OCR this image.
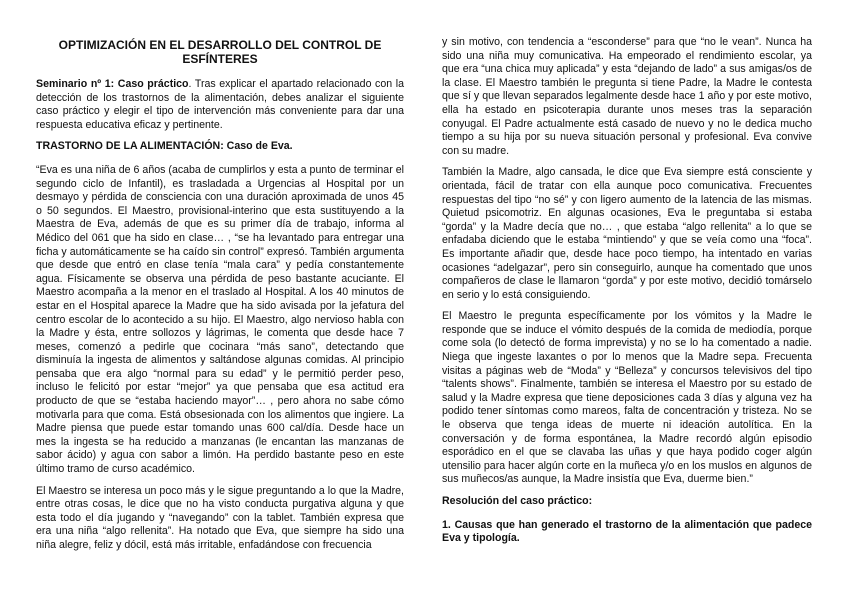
OPTIMIZACIÓN EN EL DESARROLLO DEL CONTROL DE ESFÍNTERES

Seminario nº 1: Caso práctico. Tras explicar el apartado relacionado con la detección de los trastornos de la alimentación, debes analizar el siguiente caso práctico y elegir el tipo de intervención más conveniente para dar una respuesta educativa eficaz y pertinente.

TRASTORNO DE LA ALIMENTACIÓN: Caso de Eva.

“Eva es una niña de 6 años (acaba de cumplirlos y esta a punto de terminar el segundo ciclo de Infantil), es trasladada a Urgencias al Hospital por un desmayo y pérdida de consciencia con una duración aproximada de unos 45 o 50 segundos. El Maestro, provisional-interino que esta sustituyendo a la Maestra de Eva, además de que es su primer día de trabajo, informa al Médico del 061 que ha sido en clase… , “se ha levantado para entregar una ficha y automáticamente se ha caído sin control” expresó. También argumenta que desde que entró en clase tenía “mala cara” y pedía constantemente agua. Físicamente se observa una pérdida de peso bastante acuciante. El Maestro acompaña a la menor en el traslado al Hospital. A los 40 minutos de estar en el Hospital aparece la Madre que ha sido avisada por la jefatura del centro escolar de lo acontecido a su hijo. El Maestro, algo nervioso habla con la Madre y ésta, entre sollozos y lágrimas, le comenta que desde hace 7 meses, comenzó a pedirle que cocinara “más sano”, detectando que disminuía la ingesta de alimentos y saltándose algunas comidas. Al principio pensaba que era algo “normal para su edad” y le permitió perder peso, incluso le felicitó por estar “mejor” ya que pensaba que esa actitud era producto de que se “estaba haciendo mayor”… , pero ahora no sabe cómo motivarla para que coma. Está obsesionada con los alimentos que ingiere. La Madre piensa que puede estar tomando unas 600 cal/día. Desde hace un mes la ingesta se ha reducido a manzanas (le encantan las manzanas de sabor ácido) y agua con sabor a limón. Ha perdido bastante peso en este último tramo de curso académico.

El Maestro se interesa un poco más y le sigue preguntando a lo que la Madre, entre otras cosas, le dice que no ha visto conducta purgativa alguna y que esta todo el día jugando y “navegando” con la tablet. También expresa que era una niña “algo rellenita”. Ha notado que Eva, que siempre ha sido una niña alegre, feliz y dócil, está más irritable, enfadándose con frecuencia

y sin motivo, con tendencia a “esconderse” para que “no le vean”. Nunca ha sido una niña muy comunicativa. Ha empeorado el rendimiento escolar, ya que era “una chica muy aplicada” y esta “dejando de lado” a sus amigas/os de la clase. El Maestro también le pregunta si tiene Padre, la Madre le contesta que sí y que llevan separados legalmente desde hace 1 año y por este motivo, ella ha estado en psicoterapia durante unos meses tras la separación conyugal. El Padre actualmente está casado de nuevo y no le dedica mucho tiempo a su hija por su nueva situación personal y profesional. Eva convive con su madre.

También la Madre, algo cansada, le dice que Eva siempre está consciente y orientada, fácil de tratar con ella aunque poco comunicativa. Frecuentes respuestas del tipo “no sé” y con ligero aumento de la latencia de las mismas. Quietud psicomotriz. En algunas ocasiones, Eva le preguntaba si estaba “gorda” y la Madre decía que no… , que estaba “algo rellenita” a lo que se enfadaba diciendo que le estaba “mintiendo” y que se veía como una “foca”. Es importante añadir que, desde hace poco tiempo, ha intentado en varias ocasiones “adelgazar”, pero sin conseguirlo, aunque ha comentado que unos compañeros de clase le llamaron “gorda” y por este motivo, decidió tomárselo en serio y lo está consiguiendo.

El Maestro le pregunta específicamente por los vómitos y la Madre le responde que se induce el vómito después de la comida de mediodía, porque come sola (lo detectó de forma imprevista) y no se lo ha comentado a nadie. Niega que ingeste laxantes o por lo menos que la Madre sepa. Frecuenta visitas a páginas web de “Moda” y “Belleza” y concursos televisivos del tipo “talents shows”. Finalmente, también se interesa el Maestro por su estado de salud y la Madre expresa que tiene deposiciones cada 3 días y alguna vez ha podido tener síntomas como mareos, falta de concentración y tristeza. No se le observa que tenga ideas de muerte ni ideación autolítica. En la conversación y de forma espontánea, la Madre recordó algún episodio esporádico en el que se clavaba las uñas y que haya podido coger algún utensilio para hacer algún corte en la muñeca y/o en los muslos en algunos de sus muñecos/as aunque, la Madre insistía que Eva, duerme bien.”

Resolución del caso práctico:

1. Causas que han generado el trastorno de la alimentación que padece Eva y tipología.
